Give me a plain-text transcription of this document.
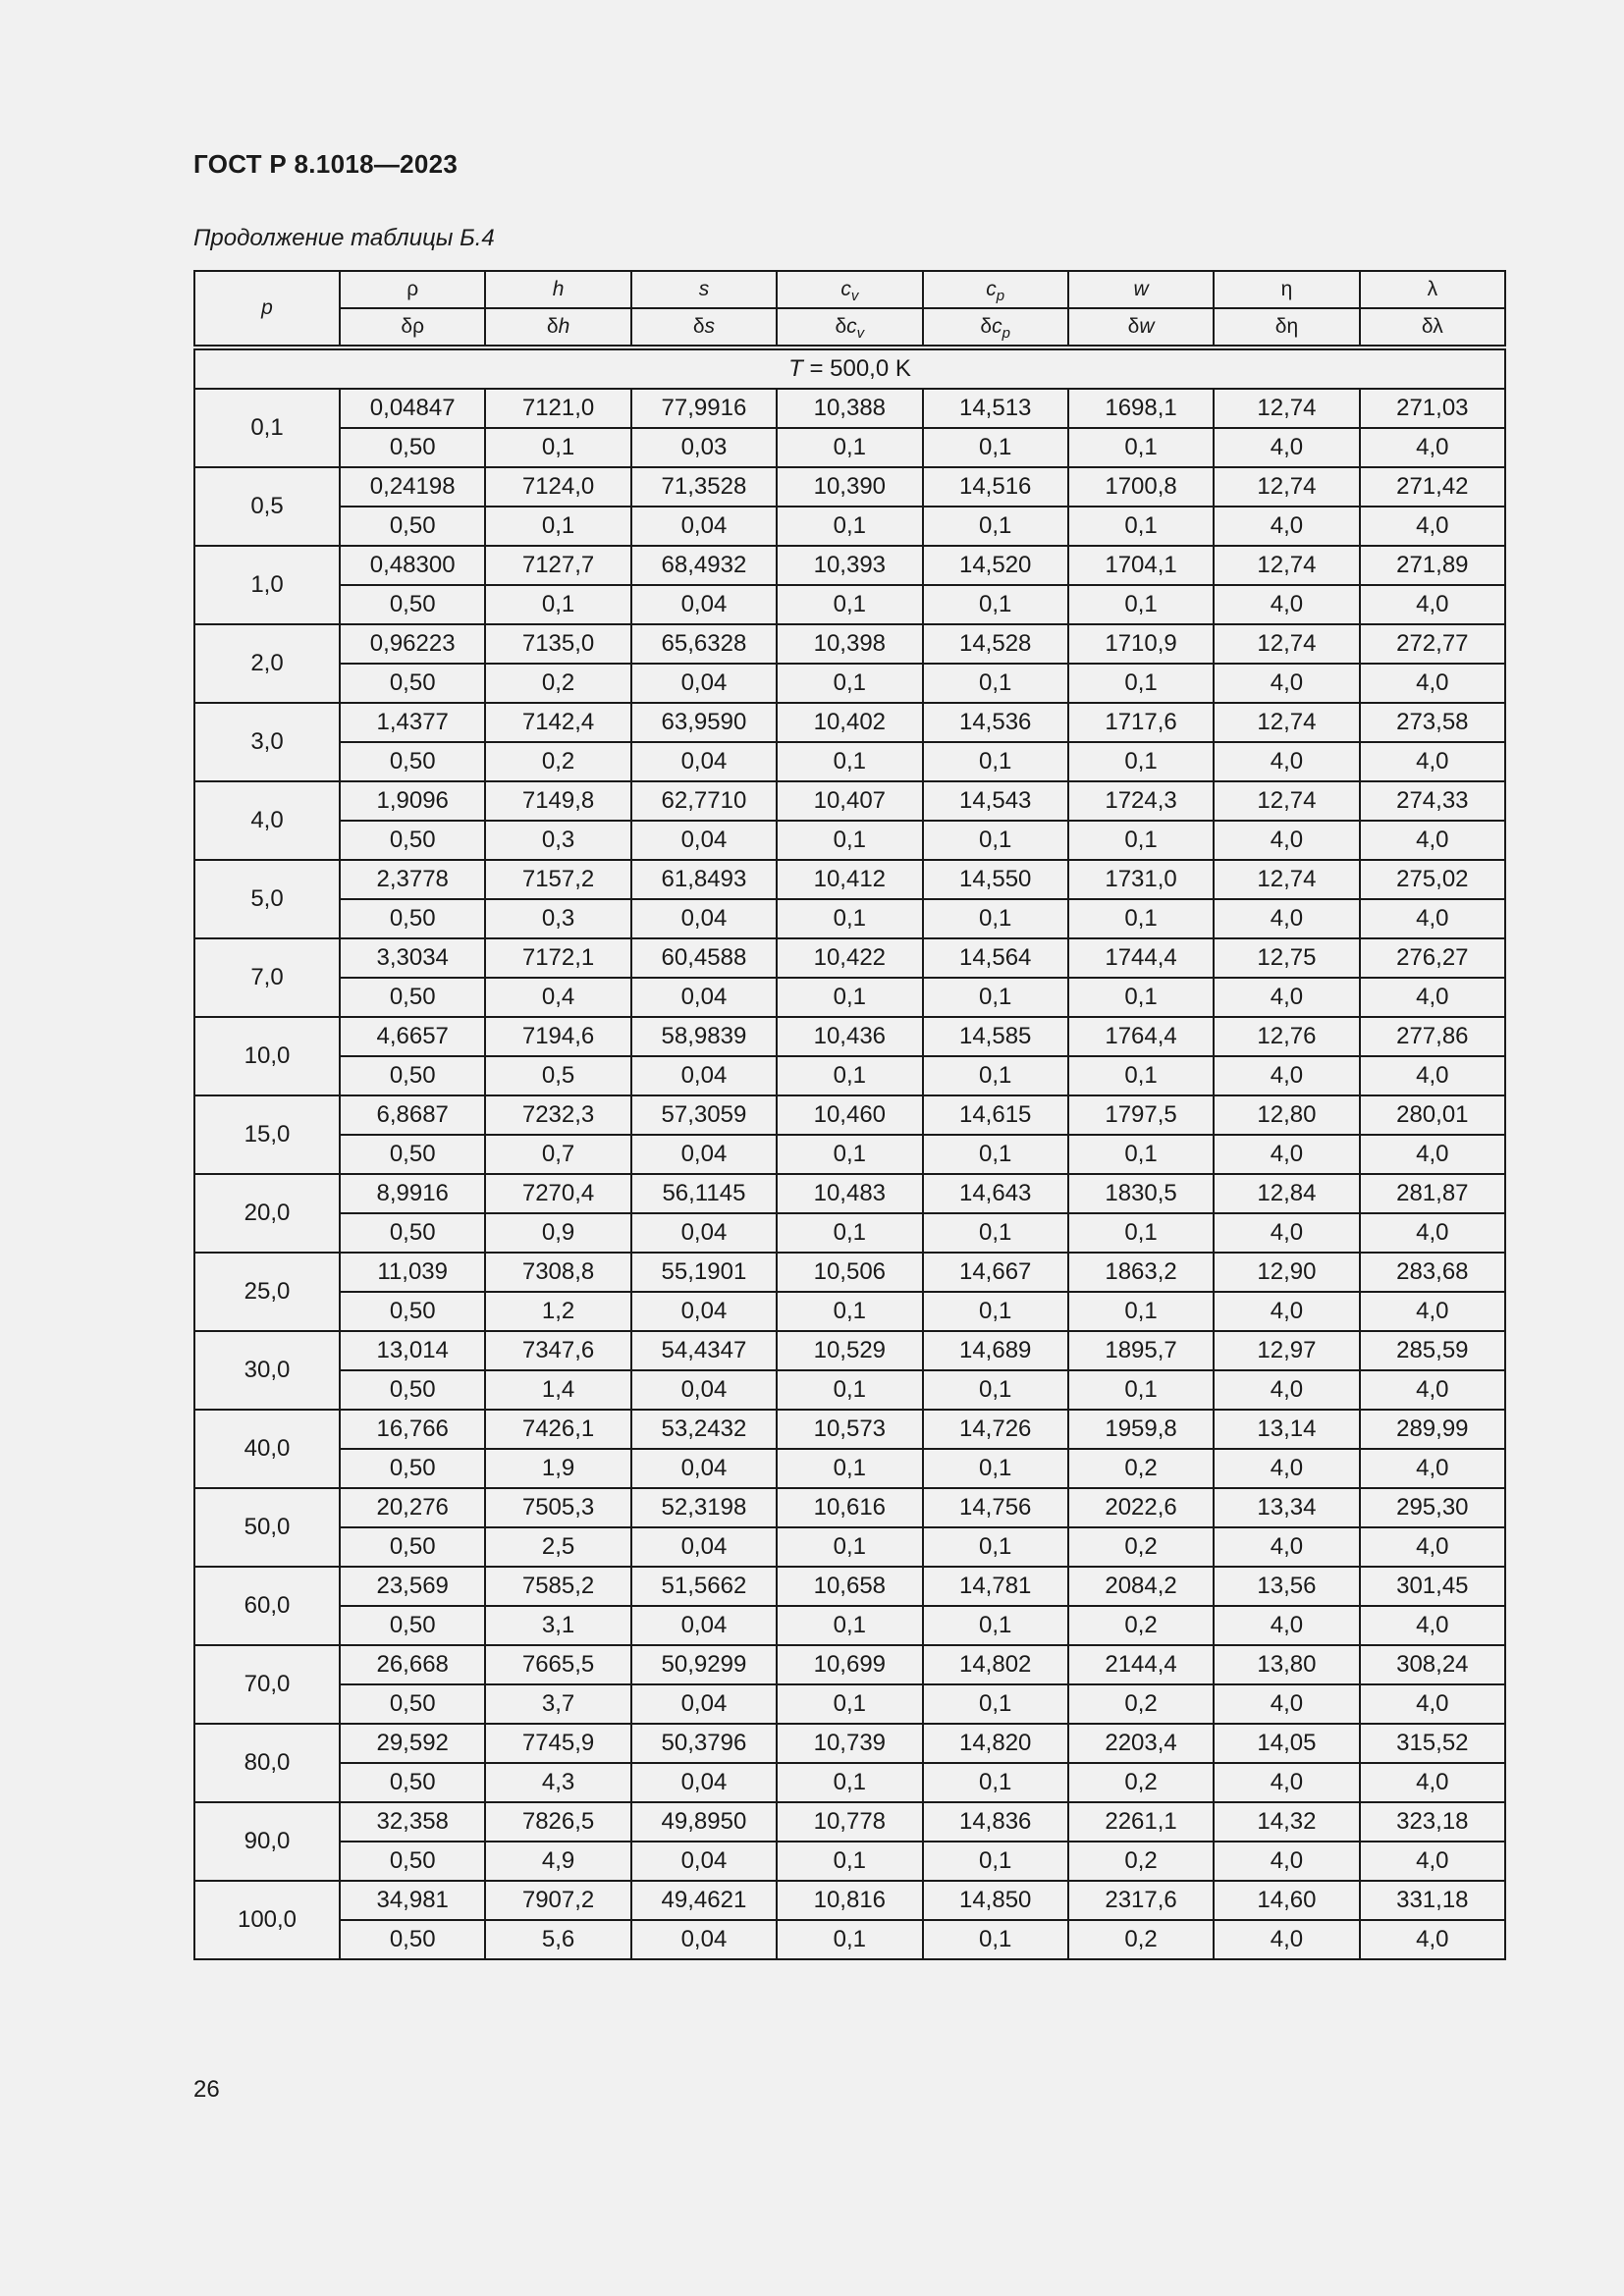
ГОСТ Р 8.1018—2023
Продолжение таблицы Б.4
p	ρ	h	s	$c_v$	$c_p$	w	η	λ
	δρ	δh	δs	$\delta c_v$	$\delta c_p$	δw	δη	δλ
T = 500,0 K								
0,1	0,04847	7121,0	77,9916	10,388	14,513	1698,1	12,74	271,03
	0,50	0,1	0,03	0,1	0,1	0,1	4,0	4,0
0,5	0,24198	7124,0	71,3528	10,390	14,516	1700,8	12,74	271,42
	0,50	0,1	0,04	0,1	0,1	0,1	4,0	4,0
1,0	0,48300	7127,7	68,4932	10,393	14,520	1704,1	12,74	271,89
	0,50	0,1	0,04	0,1	0,1	0,1	4,0	4,0
2,0	0,96223	7135,0	65,6328	10,398	14,528	1710,9	12,74	272,77
	0,50	0,2	0,04	0,1	0,1	0,1	4,0	4,0
3,0	1,4377	7142,4	63,9590	10,402	14,536	1717,6	12,74	273,58
	0,50	0,2	0,04	0,1	0,1	0,1	4,0	4,0
4,0	1,9096	7149,8	62,7710	10,407	14,543	1724,3	12,74	274,33
	0,50	0,3	0,04	0,1	0,1	0,1	4,0	4,0
5,0	2,3778	7157,2	61,8493	10,412	14,550	1731,0	12,74	275,02
	0,50	0,3	0,04	0,1	0,1	0,1	4,0	4,0
7,0	3,3034	7172,1	60,4588	10,422	14,564	1744,4	12,75	276,27
	0,50	0,4	0,04	0,1	0,1	0,1	4,0	4,0
10,0	4,6657	7194,6	58,9839	10,436	14,585	1764,4	12,76	277,86
	0,50	0,5	0,04	0,1	0,1	0,1	4,0	4,0
15,0	6,8687	7232,3	57,3059	10,460	14,615	1797,5	12,80	280,01
	0,50	0,7	0,04	0,1	0,1	0,1	4,0	4,0
20,0	8,9916	7270,4	56,1145	10,483	14,643	1830,5	12,84	281,87
	0,50	0,9	0,04	0,1	0,1	0,1	4,0	4,0
25,0	11,039	7308,8	55,1901	10,506	14,667	1863,2	12,90	283,68
	0,50	1,2	0,04	0,1	0,1	0,1	4,0	4,0
30,0	13,014	7347,6	54,4347	10,529	14,689	1895,7	12,97	285,59
	0,50	1,4	0,04	0,1	0,1	0,1	4,0	4,0
40,0	16,766	7426,1	53,2432	10,573	14,726	1959,8	13,14	289,99
	0,50	1,9	0,04	0,1	0,1	0,2	4,0	4,0
50,0	20,276	7505,3	52,3198	10,616	14,756	2022,6	13,34	295,30
	0,50	2,5	0,04	0,1	0,1	0,2	4,0	4,0
60,0	23,569	7585,2	51,5662	10,658	14,781	2084,2	13,56	301,45
	0,50	3,1	0,04	0,1	0,1	0,2	4,0	4,0
70,0	26,668	7665,5	50,9299	10,699	14,802	2144,4	13,80	308,24
	0,50	3,7	0,04	0,1	0,1	0,2	4,0	4,0
80,0	29,592	7745,9	50,3796	10,739	14,820	2203,4	14,05	315,52
	0,50	4,3	0,04	0,1	0,1	0,2	4,0	4,0
90,0	32,358	7826,5	49,8950	10,778	14,836	2261,1	14,32	323,18
	0,50	4,9	0,04	0,1	0,1	0,2	4,0	4,0
100,0	34,981	7907,2	49,4621	10,816	14,850	2317,6	14,60	331,18
	0,50	5,6	0,04	0,1	0,1	0,2	4,0	4,0
26
